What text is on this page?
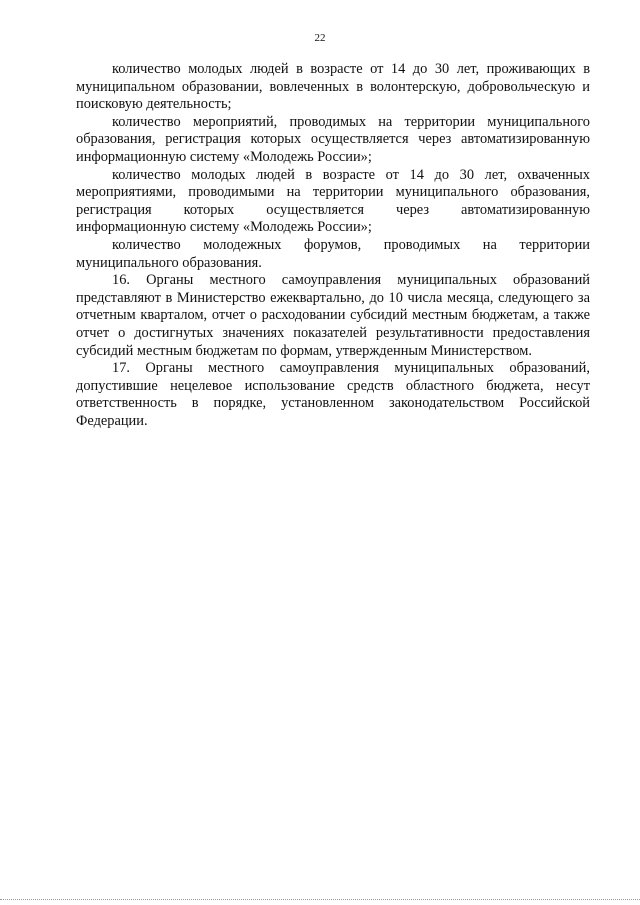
22

количество молодых людей в возрасте от 14 до 30 лет, проживающих в муниципальном образовании, вовлеченных в волонтерскую, добровольческую и поисковую деятельность;

количество мероприятий, проводимых на территории муниципального образования, регистрация которых осуществляется через автоматизированную информационную систему «Молодежь России»;

количество молодых людей в возрасте от 14 до 30 лет, охваченных мероприятиями, проводимыми на территории муниципального образования, регистрация которых осуществляется через автоматизированную информационную систему «Молодежь России»;

количество молодежных форумов, проводимых на территории муниципального образования.

16. Органы местного самоуправления муниципальных образований представляют в Министерство ежеквартально, до 10 числа месяца, следующего за отчетным кварталом, отчет о расходовании субсидий местным бюджетам, а также отчет о достигнутых значениях показателей результативности предоставления субсидий местным бюджетам по формам, утвержденным Министерством.

17. Органы местного самоуправления муниципальных образований, допустившие нецелевое использование средств областного бюджета, несут ответственность в порядке, установленном законодательством Российской Федерации.
